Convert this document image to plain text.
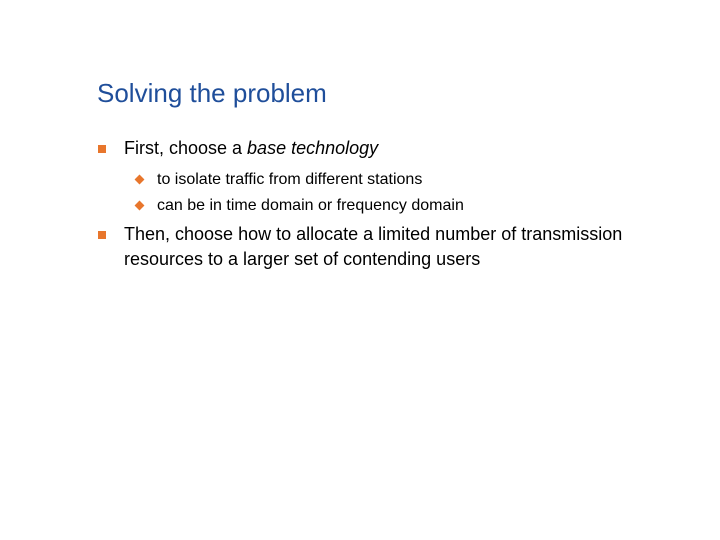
Solving the problem
First, choose a base technology
to isolate traffic from different stations
can be in time domain or frequency domain
Then, choose how to allocate a limited number of transmission
resources to a larger set of contending users
